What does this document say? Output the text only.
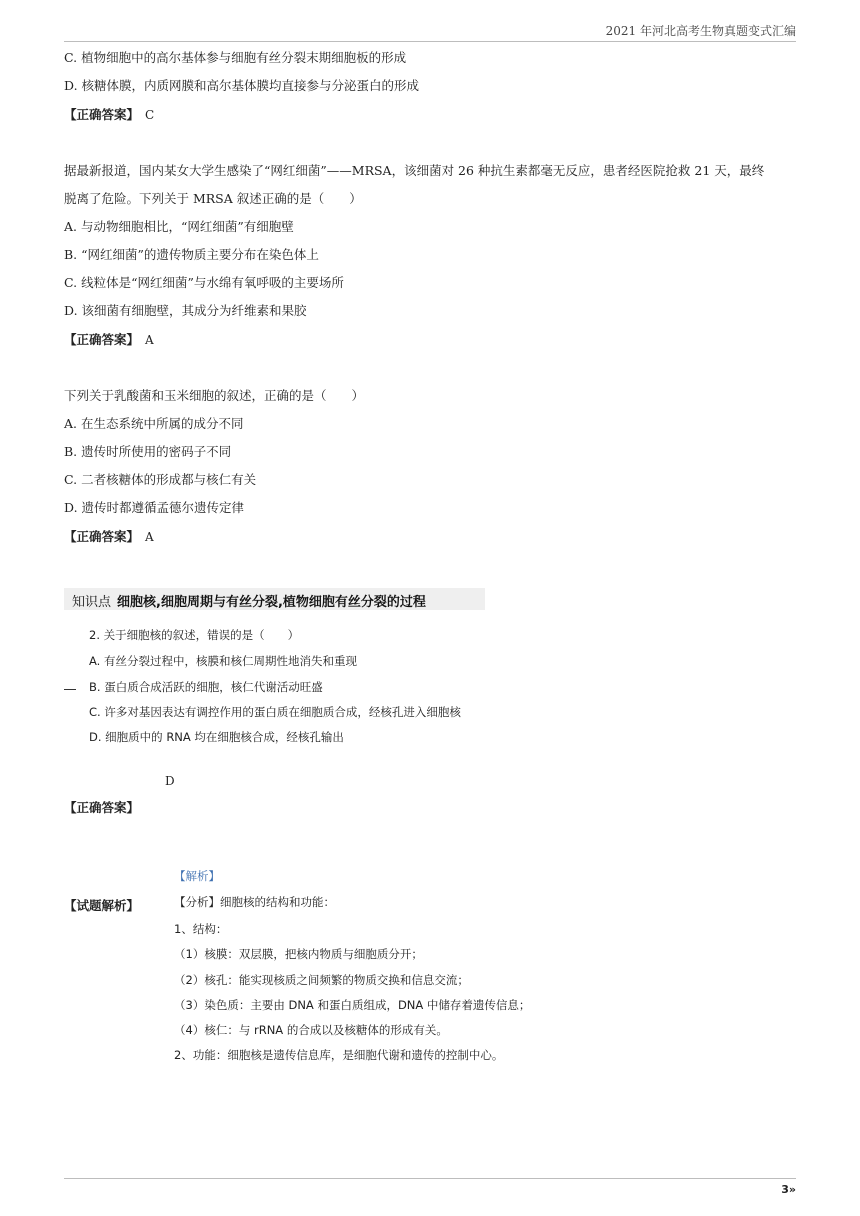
2021 年河北高考生物真题变式汇编
C. 植物细胞中的高尔基体参与细胞有丝分裂末期细胞板的形成
D. 核糖体膜，内质网膜和高尔基体膜均直接参与分泌蛋白的形成
【正确答案】 C
据最新报道，国内某女大学生感染了“网红细菌”——MRSA，该细菌对 26 种抗生素都毫无反应，患者经医院抢救 21 天，最终
脱离了危险。下列关于 MRSA 叙述正确的是（　　）
A. 与动物细胞相比，“网红细菌”有细胞壁
B. “网红细菌”的遗传物质主要分布在染色体上
C. 线粒体是“网红细菌”与水绵有氧呼吸的主要场所
D. 该细菌有细胞壁，其成分为纤维素和果胶
【正确答案】 A
下列关于乳酸菌和玉米细胞的叙述，正确的是（　　）
A. 在生态系统中所属的成分不同
B. 遗传时所使用的密码子不同
C. 二者核糖体的形成都与核仁有关
D. 遗传时都遵循孟德尔遗传定律
【正确答案】 A
知识点 细胞核,细胞周期与有丝分裂,植物细胞有丝分裂的过程
2. 关于细胞核的叙述，错误的是（　　）
A. 有丝分裂过程中，核膜和核仁周期性地消失和重现
B. 蛋白质合成活跃的细胞，核仁代谢活动旺盛
C. 许多对基因表达有调控作用的蛋白质在细胞质合成，经核孔进入细胞核
D. 细胞质中的 RNA 均在细胞核合成，经核孔输出
D
【正确答案】
【解析】
【试题解析】	【分析】细胞核的结构和功能：
1、结构：
（1）核膜：双层膜，把核内物质与细胞质分开；
（2）核孔：能实现核质之间频繁的物质交换和信息交流；
（3）染色质：主要由 DNA 和蛋白质组成，DNA 中储存着遗传信息；
（4）核仁：与 rRNA 的合成以及核糖体的形成有关。
2、功能：细胞核是遗传信息库，是细胞代谢和遗传的控制中心。
3»
